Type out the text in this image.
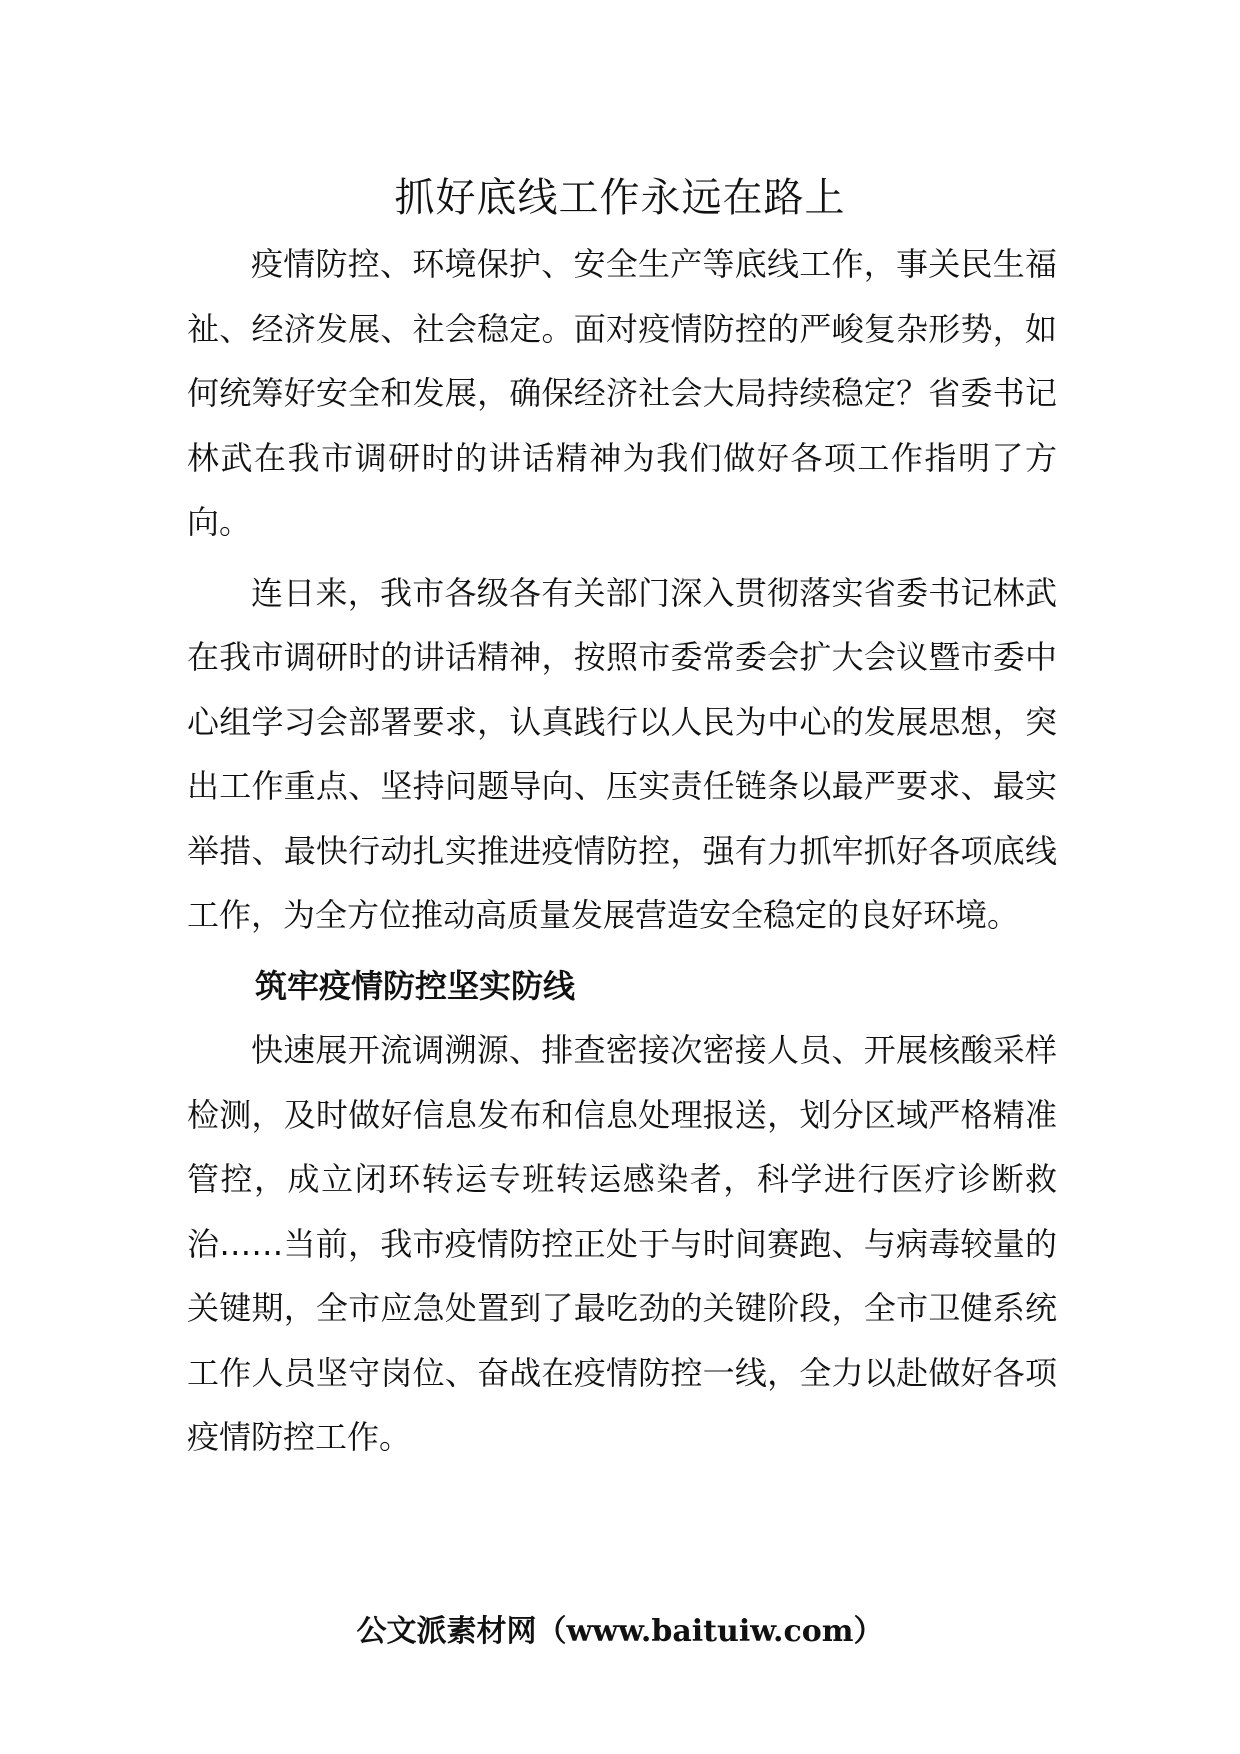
抓好底线工作永远在路上

疫情防控、环境保护、安全生产等底线工作，事关民生福祉、经济发展、社会稳定。面对疫情防控的严峻复杂形势，如何统筹好安全和发展，确保经济社会大局持续稳定？省委书记林武在我市调研时的讲话精神为我们做好各项工作指明了方向。

连日来，我市各级各有关部门深入贯彻落实省委书记林武在我市调研时的讲话精神，按照市委常委会扩大会议暨市委中心组学习会部署要求，认真践行以人民为中心的发展思想，突出工作重点、坚持问题导向、压实责任链条以最严要求、最实举措、最快行动扎实推进疫情防控，强有力抓牢抓好各项底线工作，为全方位推动高质量发展营造安全稳定的良好环境。

筑牢疫情防控坚实防线

快速展开流调溯源、排查密接次密接人员、开展核酸采样检测，及时做好信息发布和信息处理报送，划分区域严格精准管控，成立闭环转运专班转运感染者，科学进行医疗诊断救治……当前，我市疫情防控正处于与时间赛跑、与病毒较量的关键期，全市应急处置到了最吃劲的关键阶段，全市卫健系统工作人员坚守岗位、奋战在疫情防控一线，全力以赴做好各项疫情防控工作。

公文派素材网（www.baituiw.com）
